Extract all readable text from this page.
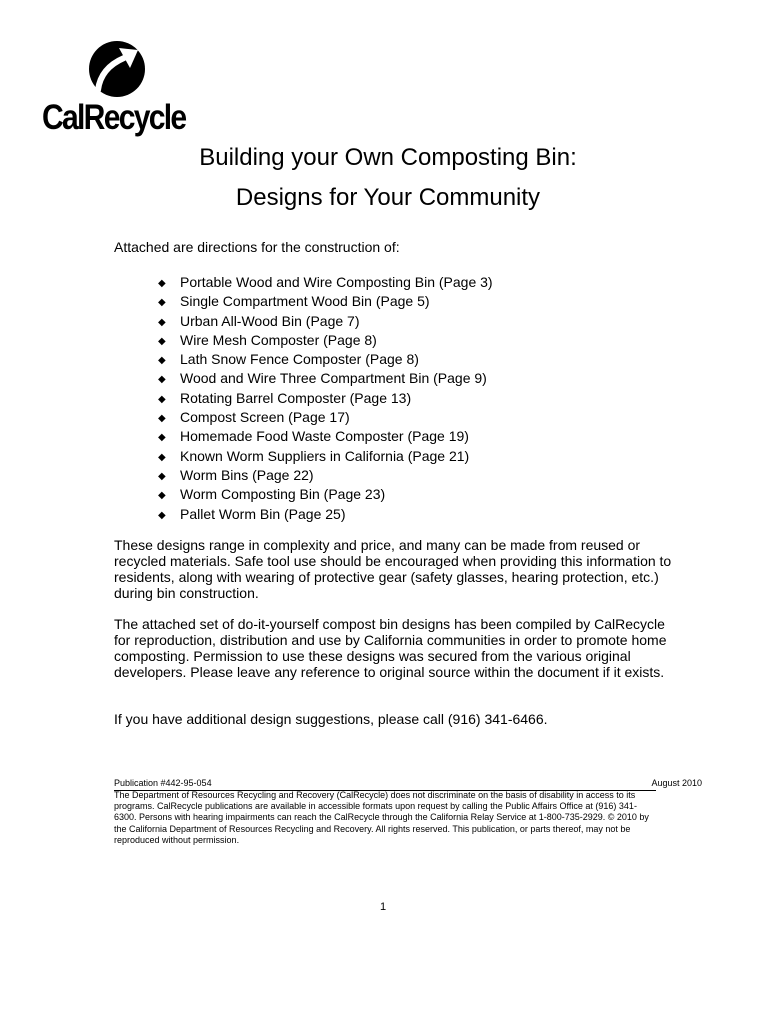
CalRecycle
Building your Own Composting Bin:
Designs for Your Community
Attached are directions for the construction of:
◆ Portable Wood and Wire Composting Bin (Page 3)
◆ Single Compartment Wood Bin (Page 5)
◆ Urban All-Wood Bin (Page 7)
◆ Wire Mesh Composter (Page 8)
◆ Lath Snow Fence Composter (Page 8)
◆ Wood and Wire Three Compartment Bin (Page 9)
◆ Rotating Barrel Composter (Page 13)
◆ Compost Screen (Page 17)
◆ Homemade Food Waste Composter (Page 19)
◆ Known Worm Suppliers in California (Page 21)
◆ Worm Bins (Page 22)
◆ Worm Composting Bin (Page 23)
◆ Pallet Worm Bin (Page 25)

These designs range in complexity and price, and many can be made from reused or recycled materials. Safe tool use should be encouraged when providing this information to residents, along with wearing of protective gear (safety glasses, hearing protection, etc.) during bin construction.

The attached set of do-it-yourself compost bin designs has been compiled by CalRecycle for reproduction, distribution and use by California communities in order to promote home composting. Permission to use these designs was secured from the various original developers. Please leave any reference to original source within the document if it exists.

If you have additional design suggestions, please call (916) 341-6466.

Publication #442-95-054	August 2010

The Department of Resources Recycling and Recovery (CalRecycle) does not discriminate on the basis of disability in access to its programs. CalRecycle publications are available in accessible formats upon request by calling the Public Affairs Office at (916) 341-6300. Persons with hearing impairments can reach the CalRecycle through the California Relay Service at 1-800-735-2929. © 2010 by the California Department of Resources Recycling and Recovery. All rights reserved. This publication, or parts thereof, may not be reproduced without permission.

1
